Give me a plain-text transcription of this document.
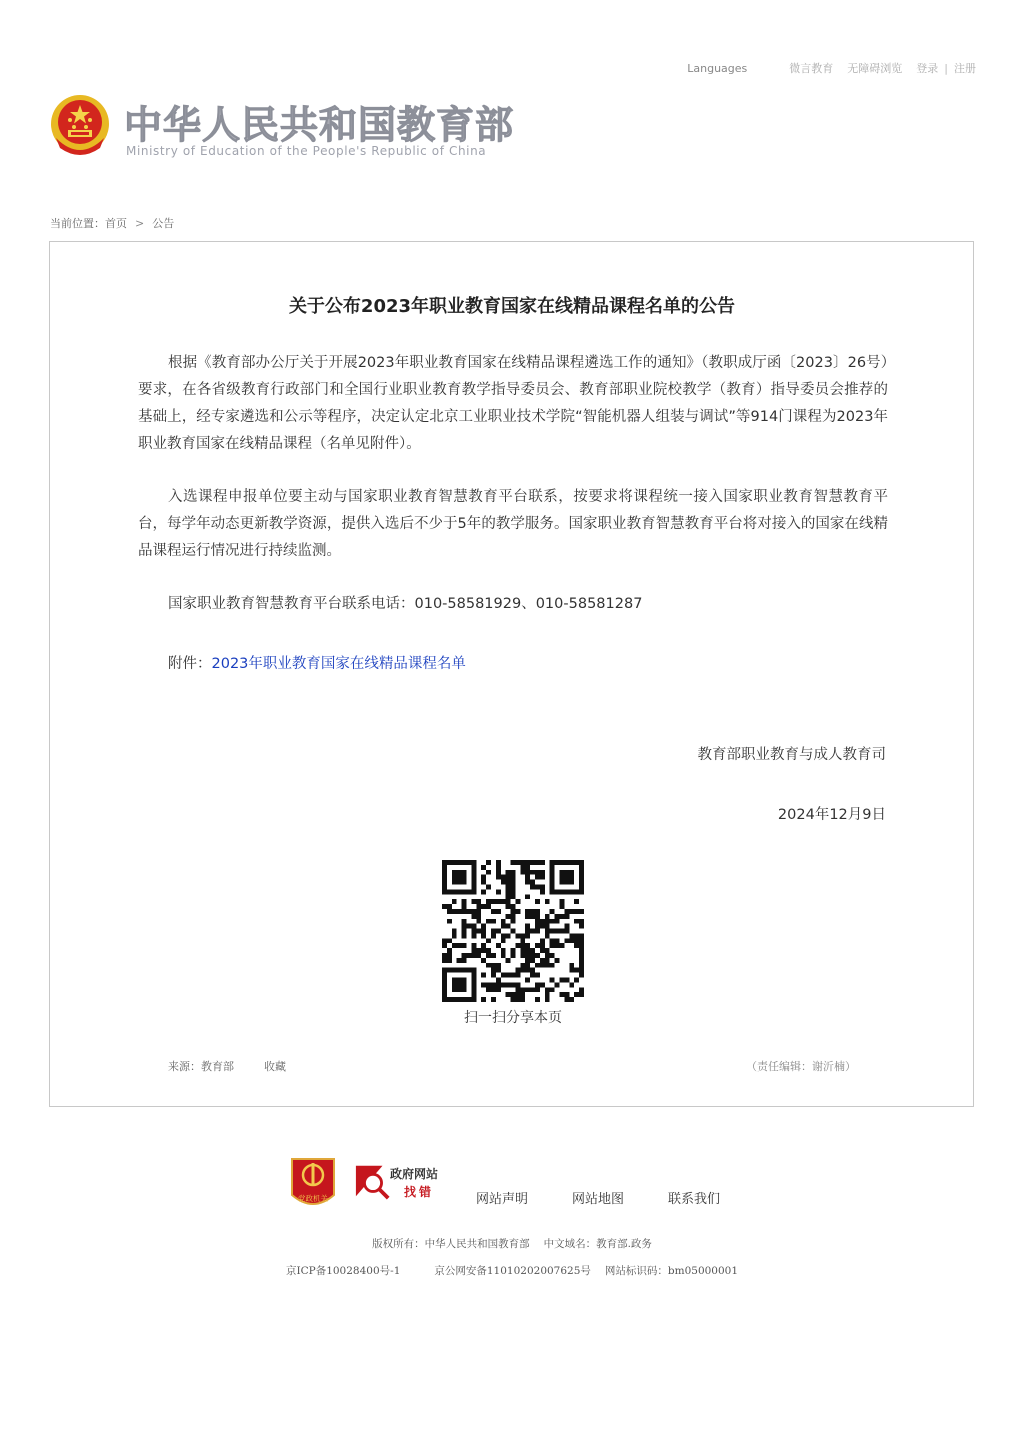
Languages	微言教育 无障碍浏览 登录 | 注册
中华人民共和国教育部
Ministry of Education of the People's Republic of China
当前位置：首页 > 公告
关于公布2023年职业教育国家在线精品课程名单的公告

根据《教育部办公厅关于开展2023年职业教育国家在线精品课程遴选工作的通知》（教职成厅函〔2023〕26号）要求，在各省级教育行政部门和全国行业职业教育教学指导委员会、教育部职业院校教学（教育）指导委员会推荐的基础上，经专家遴选和公示等程序，决定认定北京工业职业技术学院“智能机器人组装与调试”等914门课程为2023年职业教育国家在线精品课程（名单见附件）。

入选课程申报单位要主动与国家职业教育智慧教育平台联系，按要求将课程统一接入国家职业教育智慧教育平台，每学年动态更新教学资源，提供入选后不少于5年的教学服务。国家职业教育智慧教育平台将对接入的国家在线精品课程运行情况进行持续监测。

国家职业教育智慧教育平台联系电话：010-58581929、010-58581287

附件：2023年职业教育国家在线精品课程名单

教育部职业教育与成人教育司
2024年12月9日
扫一扫分享本页
来源：教育部	收藏	（责任编辑：谢沂楠）
党政机关
政府网站
找错	网站声明	网站地图	联系我们
版权所有：中华人民共和国教育部 中文域名：教育部.政务
京ICP备10028400号-1	京公网安备11010202007625号 网站标识码：bm05000001
